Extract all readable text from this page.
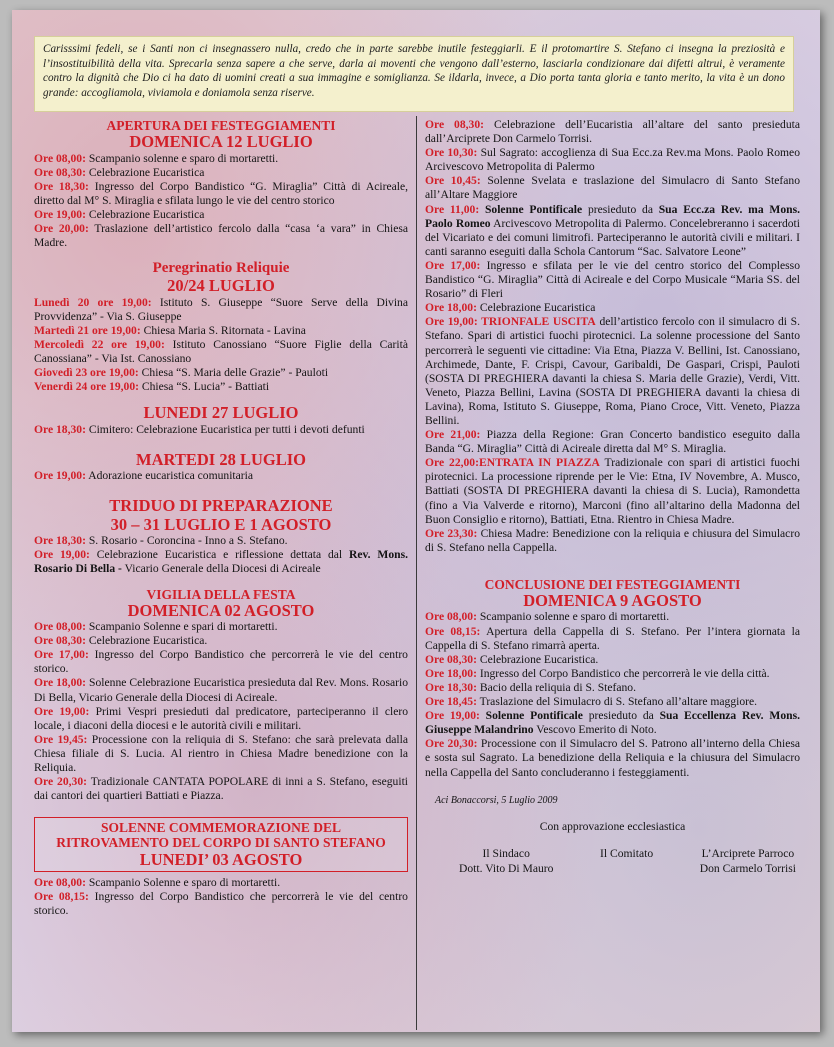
Carisssimi fedeli, se i Santi non ci insegnassero nulla, credo che in parte sarebbe inutile festeggiarli. E il protomartire S. Stefano ci insegna la preziosità e l’insostituibilità della vita. Sprecarla senza sapere a che serve, darla ai moventi che vengono dall’esterno, lasciarla condizionare dai difetti altrui, è veramente contro la dignità che Dio ci ha dato di uomini creati a sua immagine e somiglianza. Se ildarla, invece, a Dio porta tanta gloria e tanto merito, la vita è un dono grande: accogliamola, viviamola e doniamola senza riserve.
APERTURA DEI FESTEGGIAMENTI
DOMENICA 12 LUGLIO
Ore 08,00: Scampanio solenne e sparo di mortaretti.
Ore 08,30: Celebrazione Eucaristica
Ore 18,30: Ingresso del Corpo Bandistico “G. Miraglia” Città di Acireale, diretto dal M° S. Miraglia e sfilata lungo le vie del centro storico
Ore 19,00: Celebrazione Eucaristica
Ore 20,00: Traslazione dell’artistico fercolo dalla “casa ‘a vara” in Chiesa Madre.
Peregrinatio Reliquie
20/24 LUGLIO
Lunedì 20 ore 19,00: Istituto S. Giuseppe “Suore Serve della Divina Provvidenza” - Via S. Giuseppe
Martedì 21 ore 19,00: Chiesa Maria S. Ritornata - Lavina
Mercoledì 22 ore 19,00: Istituto Canossiano “Suore Figlie della Carità Canossiana” - Via Ist. Canossiano
Giovedì 23 ore 19,00: Chiesa “S. Maria delle Grazie” - Pauloti
Venerdì 24 ore 19,00: Chiesa “S. Lucia” - Battiati
LUNEDI 27 LUGLIO
Ore 18,30: Cimitero: Celebrazione Eucaristica per tutti i devoti defunti
MARTEDI 28 LUGLIO
Ore 19,00: Adorazione eucaristica comunitaria
TRIDUO DI PREPARAZIONE
30 – 31 LUGLIO E 1 AGOSTO
Ore 18,30: S. Rosario - Coroncina - Inno a S. Stefano.
Ore 19,00: Celebrazione Eucaristica e riflessione dettata dal Rev. Mons. Rosario Di Bella - Vicario Generale della Diocesi di Acireale
VIGILIA DELLA FESTA
DOMENICA 02 AGOSTO
Ore 08,00: Scampanio Solenne e spari di mortaretti.
Ore 08,30: Celebrazione Eucaristica.
Ore 17,00: Ingresso del Corpo Bandistico che percorrerà le vie del centro storico.
Ore 18,00: Solenne Celebrazione Eucaristica presieduta dal Rev. Mons. Rosario Di Bella, Vicario Generale della Diocesi di Acireale.
Ore 19,00: Primi Vespri presieduti dal predicatore, parteciperanno il clero locale, i diaconi della diocesi e le autorità civili e militari.
Ore 19,45: Processione con la reliquia di S. Stefano: che sarà prelevata dalla Chiesa filiale di S. Lucia. Al rientro in Chiesa Madre benedizione con la Reliquia.
Ore 20,30: Tradizionale CANTATA POPOLARE di inni a S. Stefano, eseguiti dai cantori dei quartieri Battiati e Piazza.
SOLENNE COMMEMORAZIONE DEL
RITROVAMENTO DEL CORPO DI SANTO STEFANO
LUNEDI’ 03 AGOSTO
Ore 08,00: Scampanio Solenne e sparo di mortaretti.
Ore 08,15: Ingresso del Corpo Bandistico che percorrerà le vie del centro storico.
Ore 08,30: Celebrazione dell’Eucaristia all’altare del santo presieduta dall’Arciprete Don Carmelo Torrisi.
Ore 10,30: Sul Sagrato: accoglienza di Sua Ecc.za Rev.ma Mons. Paolo Romeo Arcivescovo Metropolita di Palermo
Ore 10,45: Solenne Svelata e traslazione del Simulacro di Santo Stefano all’Altare Maggiore
Ore 11,00: Solenne Pontificale presieduto da Sua Ecc.za Rev. ma Mons. Paolo Romeo Arcivescovo Metropolita di Palermo. Concelebreranno i sacerdoti del Vicariato e dei comuni limitrofi. Parteciperanno le autorità civili e militari. I canti saranno eseguiti dalla Schola Cantorum “Sac. Salvatore Leone”
Ore 17,00: Ingresso e sfilata per le vie del centro storico del Complesso Bandistico “G. Miraglia” Città di Acireale e del Corpo Musicale “Maria SS. del Rosario” di Fleri
Ore 18,00: Celebrazione Eucaristica
Ore 19,00: TRIONFALE USCITA dell’artistico fercolo con il simulacro di S. Stefano. Spari di artistici fuochi pirotecnici. La solenne processione del Santo percorrerà le seguenti vie cittadine: Via Etna, Piazza V. Bellini, Ist. Canossiano, Archimede, Dante, F. Crispi, Cavour, Garibaldi, De Gaspari, Crispi, Pauloti (SOSTA DI PREGHIERA davanti la chiesa S. Maria delle Grazie), Verdi, Vitt. Veneto, Piazza Bellini, Lavina (SOSTA DI PREGHIERA davanti la chiesa di Lavina), Roma, Istituto S. Giuseppe, Roma, Piano Croce, Vitt. Veneto, Piazza Bellini.
Ore 21,00: Piazza della Regione: Gran Concerto bandistico eseguito dalla Banda “G. Miraglia” Città di Acireale diretta dal M° S. Miraglia.
Ore 22,00:ENTRATA IN PIAZZA Tradizionale con spari di artistici fuochi pirotecnici. La processione riprende per le Vie: Etna, IV Novembre, A. Musco, Battiati (SOSTA DI PREGHIERA davanti la chiesa di S. Lucia), Ramondetta (fino a Via Valverde e ritorno), Marconi (fino all’altarino della Madonna del Buon Consiglio e ritorno), Battiati, Etna. Rientro in Chiesa Madre.
Ore 23,30: Chiesa Madre: Benedizione con la reliquia e chiusura del Simulacro di S. Stefano nella Cappella.
CONCLUSIONE DEI FESTEGGIAMENTI
DOMENICA 9 AGOSTO
Ore 08,00: Scampanio solenne e sparo di mortaretti.
Ore 08,15: Apertura della Cappella di S. Stefano. Per l’intera giornata la Cappella di S. Stefano rimarrà aperta.
Ore 08,30: Celebrazione Eucaristica.
Ore 18,00: Ingresso del Corpo Bandistico che percorrerà le vie della città.
Ore 18,30: Bacio della reliquia di S. Stefano.
Ore 18,45: Traslazione del Simulacro di S. Stefano all’altare maggiore.
Ore 19,00: Solenne Pontificale presieduto da Sua Eccellenza Rev. Mons. Giuseppe Malandrino Vescovo Emerito di Noto.
Ore 20,30: Processione con il Simulacro del S. Patrono all’interno della Chiesa e sosta sul Sagrato. La benedizione della Reliquia e la chiusura del Simulacro nella Cappella del Santo concluderanno i festeggiamenti.
Aci Bonaccorsi, 5 Luglio 2009
Con approvazione ecclesiastica
Il Sindaco
Dott. Vito Di Mauro
Il Comitato	L’Arciprete Parroco
Don Carmelo Torrisi
